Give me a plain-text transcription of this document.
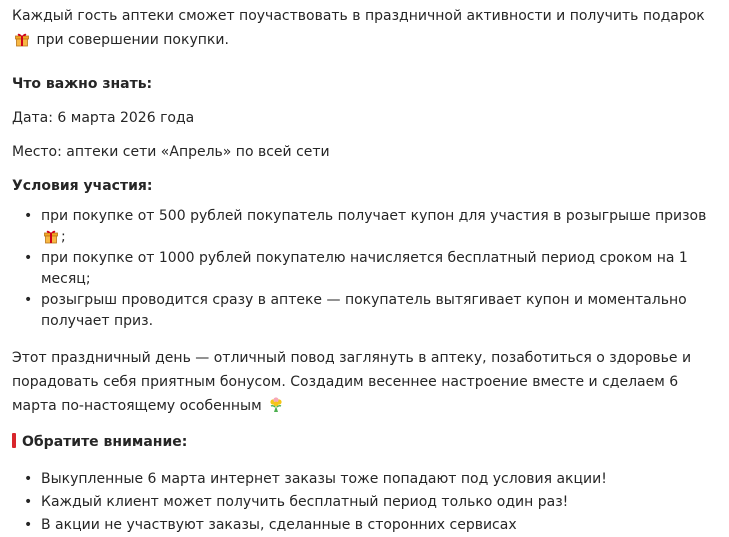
Каждый гость аптеки сможет поучаствовать в праздничной активности и получить подарок  при совершении покупки.

Что важно знать:

Дата: 6 марта 2026 года

Место: аптеки сети «Апрель» по всей сети

Условия участия:

• при покупке от 500 рублей покупатель получает купон для участия в розыгрыше призов;
• при покупке от 1000 рублей покупателю начисляется бесплатный период сроком на 1 месяц;
• розыгрыш проводится сразу в аптеке — покупатель вытягивает купон и моментально получает приз.

Этот праздничный день — отличный повод заглянуть в аптеку, позаботиться о здоровье и порадовать себя приятным бонусом. Создадим весеннее настроение вместе и сделаем 6 марта по-настоящему особенным

Обратите внимание:

• Выкупленные 6 марта интернет заказы тоже попадают под условия акции!
• Каждый клиент может получить бесплатный период только один раз!
• В акции не участвуют заказы, сделанные в сторонних сервисах
